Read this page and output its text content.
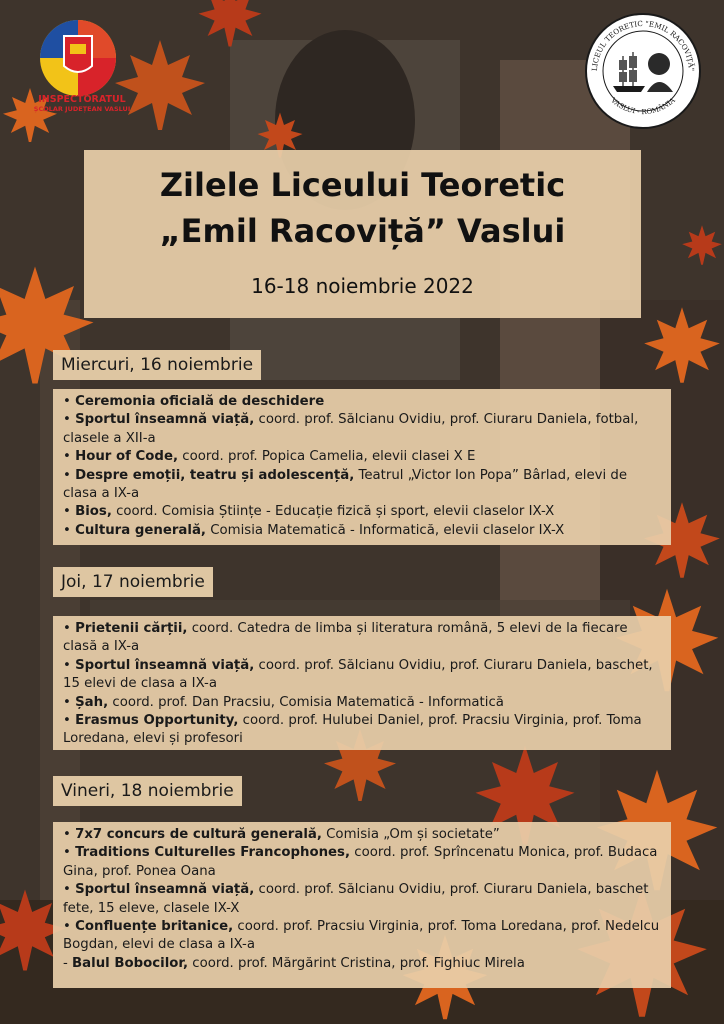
INSPECTORATUL
ȘCOLAR JUDEȚEAN VASLUI
LICEUL TEORETIC "EMIL RACOVIȚĂ"
VASLUI - ROMÂNIA
Zilele Liceului Teoretic
„Emil Racoviță” Vaslui
16-18 noiembrie 2022
Miercuri, 16 noiembrie
• Ceremonia oficială de deschidere
• Sportul înseamnă viață, coord. prof. Sălcianu Ovidiu, prof. Ciuraru Daniela, fotbal, clasele a XII-a
• Hour of Code, coord. prof. Popica Camelia, elevii clasei X E
• Despre emoții, teatru și adolescență, Teatrul „Victor Ion Popa” Bârlad, elevi de clasa a IX-a
• Bios, coord. Comisia Științe - Educație fizică și sport, elevii claselor IX-X
• Cultura generală, Comisia Matematică - Informatică, elevii claselor IX-X
Joi, 17 noiembrie
• Prietenii cărții, coord. Catedra de limba și literatura română, 5 elevi de la fiecare clasă a IX-a
• Sportul înseamnă viață, coord. prof. Sălcianu Ovidiu, prof. Ciuraru Daniela, baschet, 15 elevi de clasa a IX-a
• Șah, coord. prof. Dan Pracsiu, Comisia Matematică - Informatică
• Erasmus Opportunity, coord. prof. Hulubei Daniel, prof. Pracsiu Virginia, prof. Toma Loredana, elevi și profesori
Vineri, 18 noiembrie
• 7x7 concurs de cultură generală, Comisia „Om și societate”
• Traditions Culturelles Francophones, coord. prof. Sprîncenatu Monica, prof. Budaca Gina, prof. Ponea Oana
• Sportul înseamnă viață, coord. prof. Sălcianu Ovidiu, prof. Ciuraru Daniela, baschet fete, 15 eleve, clasele IX-X
• Confluențe britanice, coord. prof. Pracsiu Virginia, prof. Toma Loredana, prof. Nedelcu Bogdan, elevi de clasa a IX-a
- Balul Bobocilor, coord. prof. Mărgărint Cristina, prof. Fighiuc Mirela
